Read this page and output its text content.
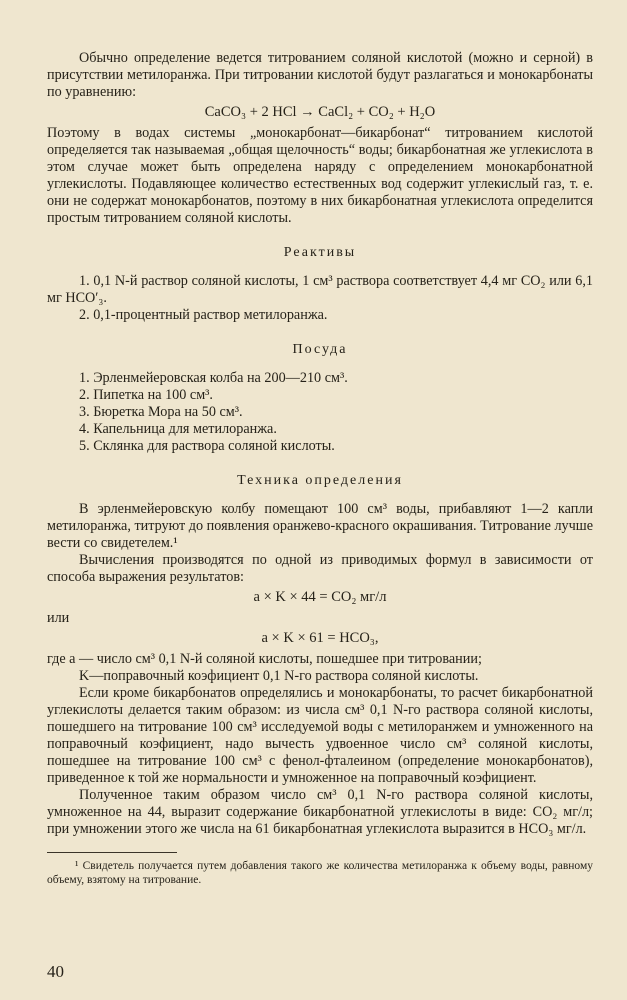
Обычно определение ведется титрованием соляной кислотой (можно и серной) в присутствии метилоранжа. При титровании кислотой будут разлагаться и монокарбонаты по уравнению:

CaCO₃ + 2 HCl → CaCl₂ + CO₂ + H₂O

Поэтому в водах системы „монокарбонат—бикарбонат“ титрованием кислотой определяется так называемая „общая щелочность“ воды; бикарбонатная же углекислота в этом случае может быть определена наряду с определением монокарбонатной углекислоты. Подавляющее количество естественных вод содержит углекислый газ, т. е. они не содержат монокарбонатов, поэтому в них бикарбонатная углекислота определится простым титрованием соляной кислоты.

Реактивы
1. 0,1 N-й раствор соляной кислоты, 1 см³ раствора соответствует 4,4 мг CO₂ или 6,1 мг HCO′₃.
2. 0,1-процентный раствор метилоранжа.
Посуда
1. Эрленмейеровская колба на 200—210 см³.
2. Пипетка на 100 см³.
3. Бюретка Мора на 50 см³.
4. Капельница для метилоранжа.
5. Склянка для раствора соляной кислоты.
Техника определения

В эрленмейеровскую колбу помещают 100 см³ воды, прибавляют 1—2 капли метилоранжа, титруют до появления оранжево-красного окрашивания. Титрование лучше вести со свидетелем.¹

Вычисления производятся по одной из приводимых формул в зависимости от способа выражения результатов:

a × K × 44 = CO₂ мг/л

или

a × K × 61 = HCO₃,

где a — число см³ 0,1 N-й соляной кислоты, пошедшее при титровании;

K—поправочный коэфициент 0,1 N-го раствора соляной кислоты.

Если кроме бикарбонатов определялись и монокарбонаты, то расчет бикарбонатной углекислоты делается таким образом: из числа см³ 0,1 N-го раствора соляной кислоты, пошедшего на титрование 100 см³ исследуемой воды с метилоранжем и умноженного на поправочный коэфициент, надо вычесть удвоенное число см³ соляной кислоты, пошедшее на титрование 100 см³ с фенол-фталеином (определение монокарбонатов), приведенное к той же нормальности и умноженное на поправочный коэфициент.

Полученное таким образом число см³ 0,1 N-го раствора соляной кислоты, умноженное на 44, выразит содержание бикарбонатной углекислоты в виде: CO₂ мг/л; при умножении этого же числа на 61 бикарбонатная углекислота выразится в HCO₃ мг/л.

¹ Свидетель получается путем добавления такого же количества метилоранжа к объему воды, равному объему, взятому на титрование.

40
